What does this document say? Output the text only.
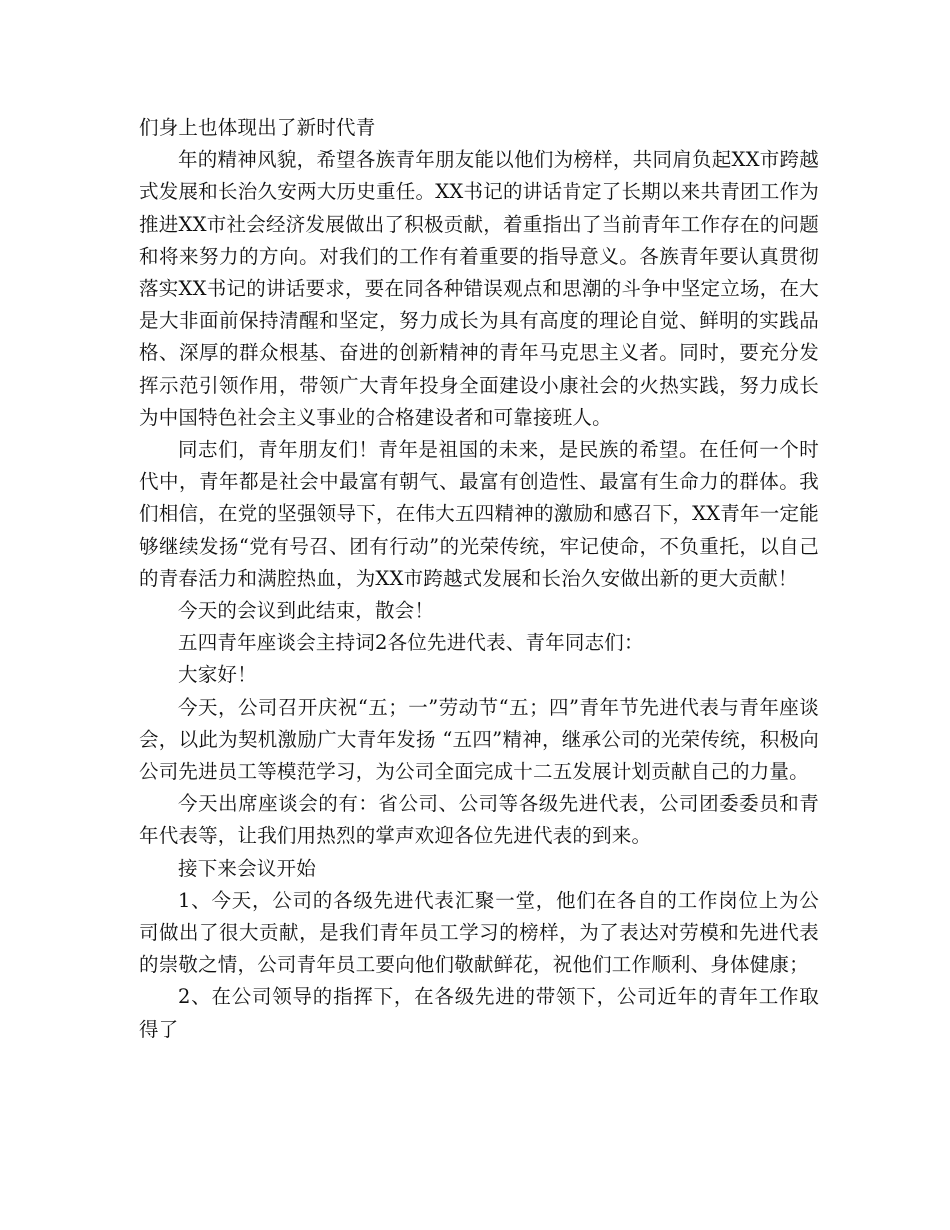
们身上也体现出了新时代青

年的精神风貌，希望各族青年朋友能以他们为榜样，共同肩负起XX市跨越式发展和长治久安两大历史重任。XX书记的讲话肯定了长期以来共青团工作为推进XX市社会经济发展做出了积极贡献，着重指出了当前青年工作存在的问题和将来努力的方向。对我们的工作有着重要的指导意义。各族青年要认真贯彻落实XX书记的讲话要求，要在同各种错误观点和思潮的斗争中坚定立场，在大是大非面前保持清醒和坚定，努力成长为具有高度的理论自觉、鲜明的实践品格、深厚的群众根基、奋进的创新精神的青年马克思主义者。同时，要充分发挥示范引领作用，带领广大青年投身全面建设小康社会的火热实践，努力成长为中国特色社会主义事业的合格建设者和可靠接班人。

同志们，青年朋友们！青年是祖国的未来，是民族的希望。在任何一个时代中，青年都是社会中最富有朝气、最富有创造性、最富有生命力的群体。我们相信，在党的坚强领导下，在伟大五四精神的激励和感召下，XX青年一定能够继续发扬“党有号召、团有行动”的光荣传统，牢记使命，不负重托，以自己的青春活力和满腔热血，为XX市跨越式发展和长治久安做出新的更大贡献！

今天的会议到此结束，散会！

五四青年座谈会主持词2各位先进代表、青年同志们：

大家好！

今天，公司召开庆祝“五；一”劳动节“五；四”青年节先进代表与青年座谈会，以此为契机激励广大青年发扬 “五四”精神，继承公司的光荣传统，积极向公司先进员工等模范学习，为公司全面完成十二五发展计划贡献自己的力量。

今天出席座谈会的有：省公司、公司等各级先进代表，公司团委委员和青年代表等，让我们用热烈的掌声欢迎各位先进代表的到来。

接下来会议开始

1、今天，公司的各级先进代表汇聚一堂，他们在各自的工作岗位上为公司做出了很大贡献，是我们青年员工学习的榜样，为了表达对劳模和先进代表的崇敬之情，公司青年员工要向他们敬献鲜花，祝他们工作顺利、身体健康；

2、在公司领导的指挥下，在各级先进的带领下，公司近年的青年工作取得了
